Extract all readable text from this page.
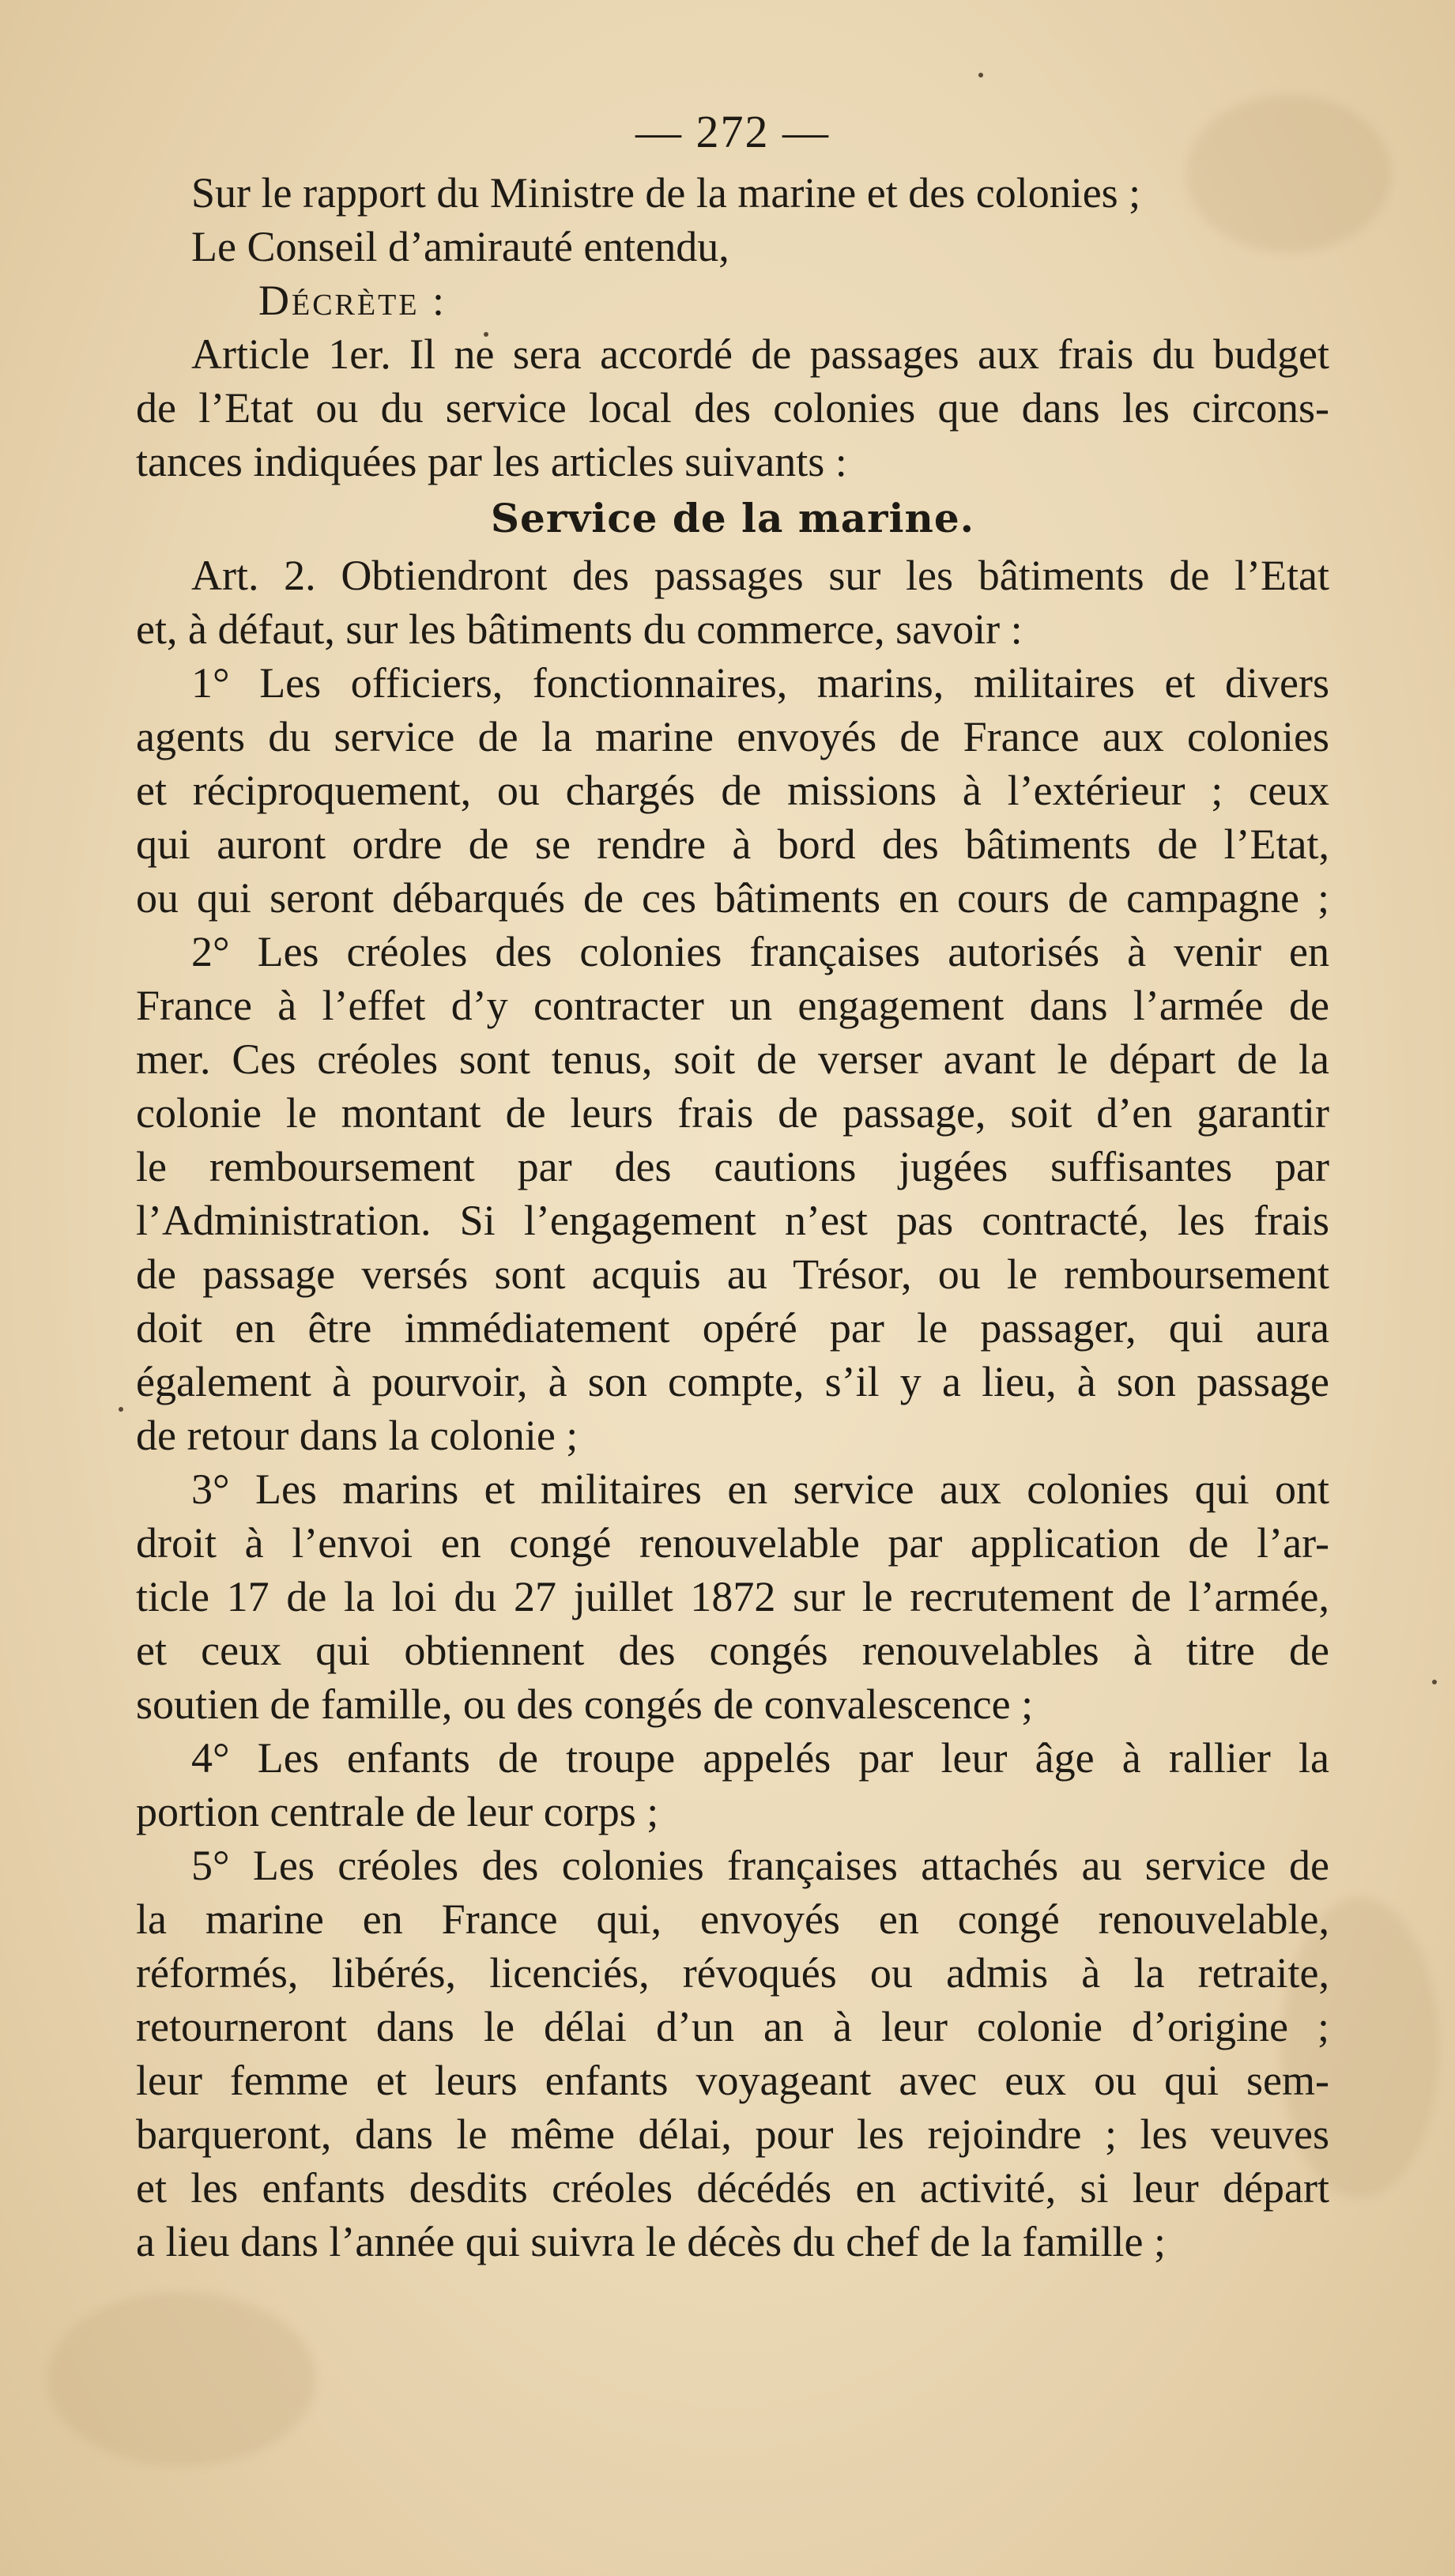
— 272 —
Sur le rapport du Ministre de la marine et des colonies ;
Le Conseil d’amirauté entendu,
Décrète :
Article 1er. Il ne sera accordé de passages aux frais du budget
de l’Etat ou du service local des colonies que dans les circons-
tances indiquées par les articles suivants :
Service de la marine.
Art. 2. Obtiendront des passages sur les bâtiments de l’Etat
et, à défaut, sur les bâtiments du commerce, savoir :
1° Les officiers, fonctionnaires, marins, militaires et divers
agents du service de la marine envoyés de France aux colonies
et réciproquement, ou chargés de missions à l’extérieur ; ceux
qui auront ordre de se rendre à bord des bâtiments de l’Etat,
ou qui seront débarqués de ces bâtiments en cours de campagne ;
2° Les créoles des colonies françaises autorisés à venir en
France à l’effet d’y contracter un engagement dans l’armée de
mer. Ces créoles sont tenus, soit de verser avant le départ de la
colonie le montant de leurs frais de passage, soit d’en garantir
le remboursement par des cautions jugées suffisantes par
l’Administration. Si l’engagement n’est pas contracté, les frais
de passage versés sont acquis au Trésor, ou le remboursement
doit en être immédiatement opéré par le passager, qui aura
également à pourvoir, à son compte, s’il y a lieu, à son passage
de retour dans la colonie ;
3° Les marins et militaires en service aux colonies qui ont
droit à l’envoi en congé renouvelable par application de l’ar-
ticle 17 de la loi du 27 juillet 1872 sur le recrutement de l’armée,
et ceux qui obtiennent des congés renouvelables à titre de
soutien de famille, ou des congés de convalescence ;
4° Les enfants de troupe appelés par leur âge à rallier la
portion centrale de leur corps ;
5° Les créoles des colonies françaises attachés au service de
la marine en France qui, envoyés en congé renouvelable,
réformés, libérés, licenciés, révoqués ou admis à la retraite,
retourneront dans le délai d’un an à leur colonie d’origine ;
leur femme et leurs enfants voyageant avec eux ou qui sem-
barqueront, dans le même délai, pour les rejoindre ; les veuves
et les enfants desdits créoles décédés en activité, si leur départ
a lieu dans l’année qui suivra le décès du chef de la famille ;
